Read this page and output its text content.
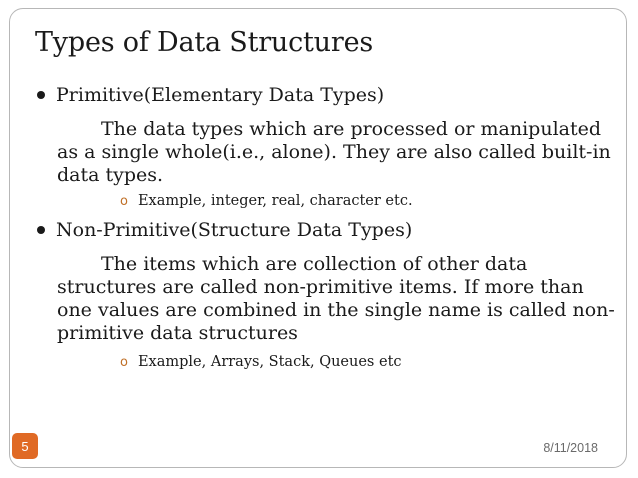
Types of Data Structures
Primitive(Elementary Data Types)
The data types which are processed or manipulated
as a single whole(i.e., alone). They are also called built-in
data types.
o Example, integer, real, character etc.
Non-Primitive(Structure Data Types)
The items which are collection of other data
structures are called non-primitive items. If more than
one values are combined in the single name is called non-
primitive data structures
o Example, Arrays, Stack, Queues etc
5	8/11/2018
